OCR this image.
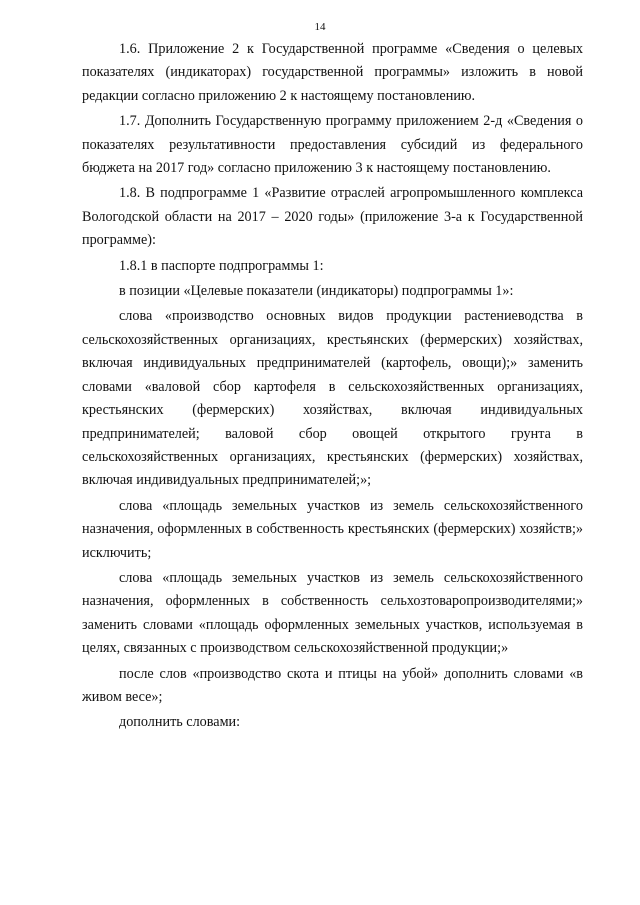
14

1.6. Приложение 2 к Государственной программе «Сведения о целевых показателях (индикаторах) государственной программы» изложить в новой редакции согласно приложению 2 к настоящему постановлению.

1.7. Дополнить Государственную программу приложением 2-д «Сведения о показателях результативности предоставления субсидий из федерального бюджета на 2017 год» согласно приложению 3 к настоящему постановлению.

1.8. В подпрограмме 1 «Развитие отраслей агропромышленного комплекса Вологодской области на 2017 – 2020 годы» (приложение 3-а к Государственной программе):

1.8.1 в паспорте подпрограммы 1:

в позиции «Целевые показатели (индикаторы) подпрограммы 1»:

слова «производство основных видов продукции растениеводства в сельскохозяйственных организациях, крестьянских (фермерских) хозяйствах, включая индивидуальных предпринимателей (картофель, овощи);» заменить словами «валовой сбор картофеля в сельскохозяйственных организациях, крестьянских (фермерских) хозяйствах, включая индивидуальных предпринимателей; валовой сбор овощей открытого грунта в сельскохозяйственных организациях, крестьянских (фермерских) хозяйствах, включая индивидуальных предпринимателей;»;

слова «площадь земельных участков из земель сельскохозяйственного назначения, оформленных в собственность крестьянских (фермерских) хозяйств;» исключить;

слова «площадь земельных участков из земель сельскохозяйственного назначения, оформленных в собственность сельхозтоваропроизводителями;» заменить словами «площадь оформленных земельных участков, используемая в целях, связанных с производством сельскохозяйственной продукции;»

после слов «производство скота и птицы на убой» дополнить словами «в живом весе»;

дополнить словами:
